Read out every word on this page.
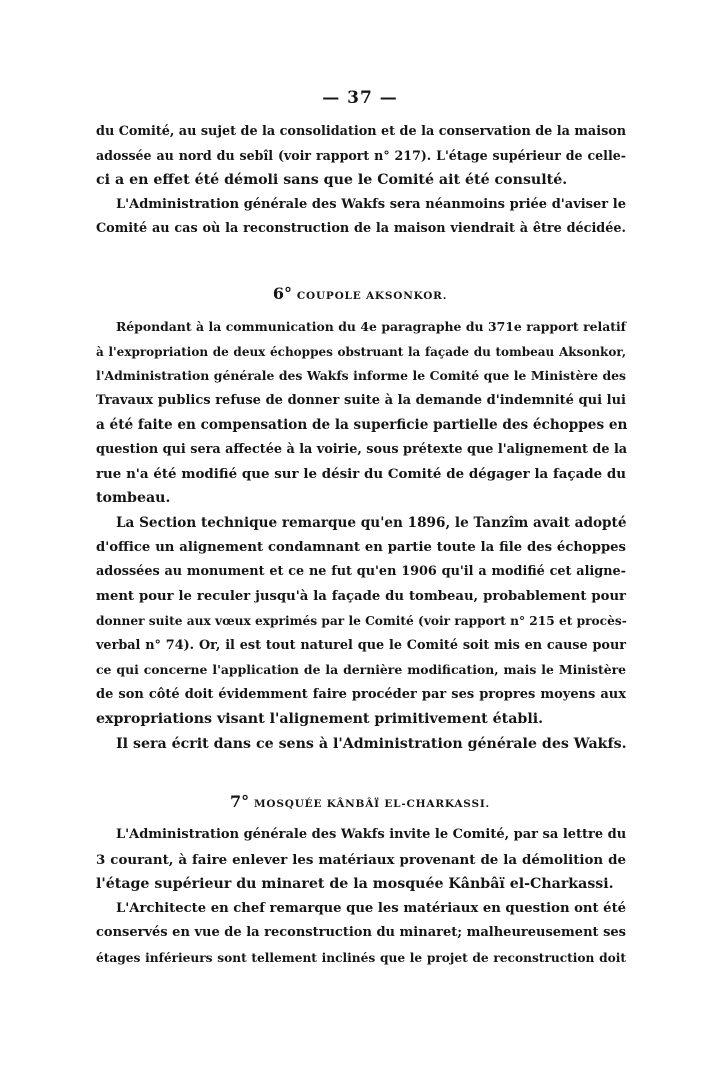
— 37 —
du Comité, au sujet de la consolidation et de la conservation de la maison
adossée au nord du sebîl (voir rapport n° 217). L'étage supérieur de celle-
ci a en effet été démoli sans que le Comité ait été consulté.
L'Administration générale des Wakfs sera néanmoins priée d'aviser le
Comité au cas où la reconstruction de la maison viendrait à être décidée.
6° COUPOLE AKSONKOR.
Répondant à la communication du 4e paragraphe du 371e rapport relatif
à l'expropriation de deux échoppes obstruant la façade du tombeau Aksonkor,
l'Administration générale des Wakfs informe le Comité que le Ministère des
Travaux publics refuse de donner suite à la demande d'indemnité qui lui
a été faite en compensation de la superficie partielle des échoppes en
question qui sera affectée à la voirie, sous prétexte que l'alignement de la
rue n'a été modifié que sur le désir du Comité de dégager la façade du
tombeau.
La Section technique remarque qu'en 1896, le Tanzîm avait adopté
d'office un alignement condamnant en partie toute la file des échoppes
adossées au monument et ce ne fut qu'en 1906 qu'il a modifié cet aligne-
ment pour le reculer jusqu'à la façade du tombeau, probablement pour
donner suite aux vœux exprimés par le Comité (voir rapport n° 215 et procès-
verbal n° 74). Or, il est tout naturel que le Comité soit mis en cause pour
ce qui concerne l'application de la dernière modification, mais le Ministère
de son côté doit évidemment faire procéder par ses propres moyens aux
expropriations visant l'alignement primitivement établi.
Il sera écrit dans ce sens à l'Administration générale des Wakfs.
7° MOSQUÉE KÂNBÂÏ EL-CHARKASSI.
L'Administration générale des Wakfs invite le Comité, par sa lettre du
3 courant, à faire enlever les matériaux provenant de la démolition de
l'étage supérieur du minaret de la mosquée Kânbâï el-Charkassi.
L'Architecte en chef remarque que les matériaux en question ont été
conservés en vue de la reconstruction du minaret; malheureusement ses
étages inférieurs sont tellement inclinés que le projet de reconstruction doit
